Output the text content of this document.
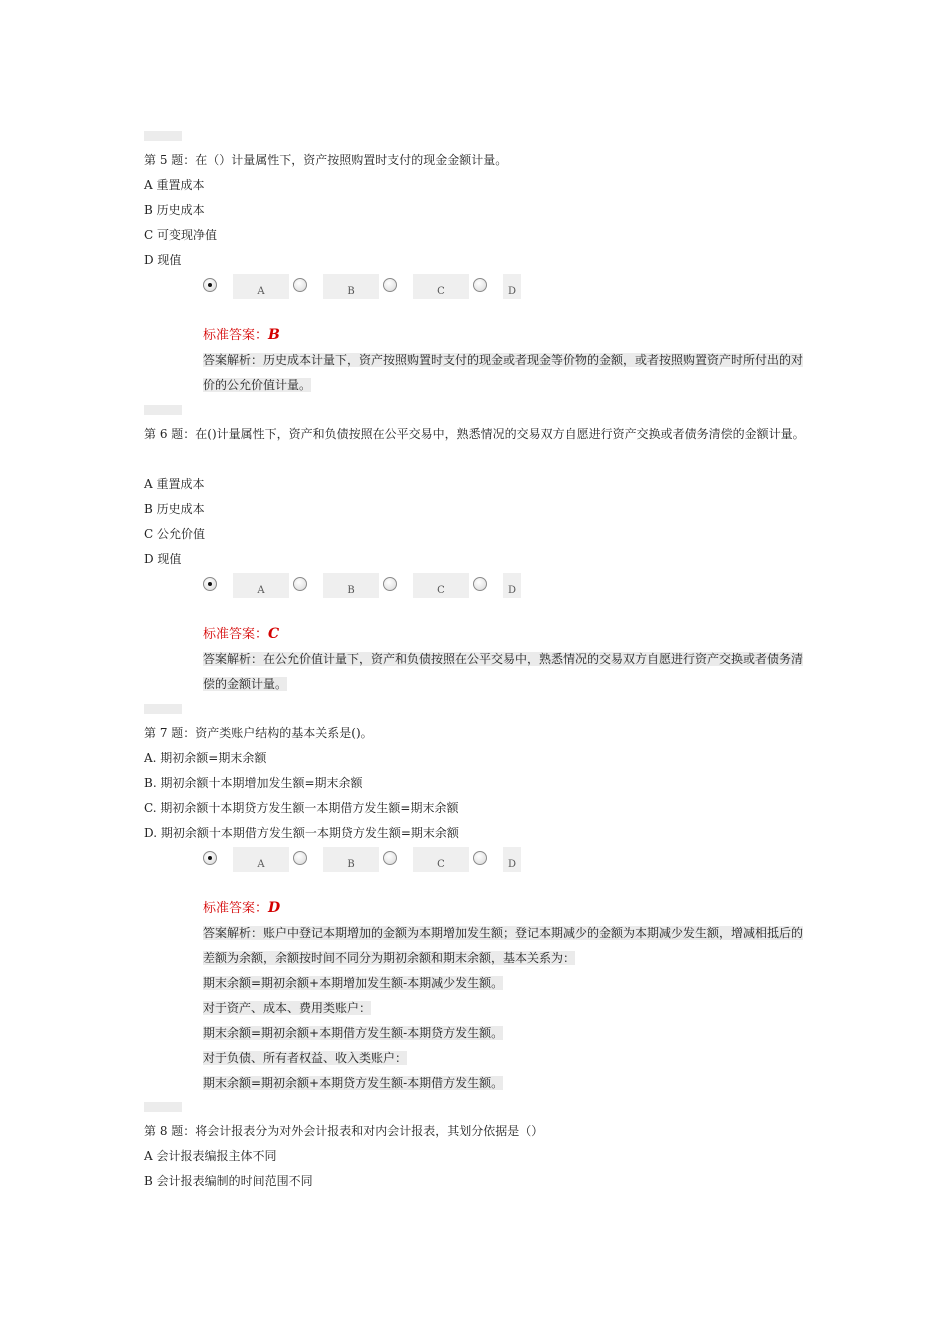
第 5 题：在（）计量属性下，资产按照购置时支付的现金金额计量。
A 重置成本
B 历史成本
C 可变现净值
D 现值
A	B	C	D
标准答案：B

答案解析：历史成本计量下，资产按照购置时支付的现金或者现金等价物的金额，或者按照购置资产时所付出的对价的公允价值计量。

第 6 题：在()计量属性下，资产和负债按照在公平交易中，熟悉情况的交易双方自愿进行资产交换或者债务清偿的金额计量。
A 重置成本
B 历史成本
C 公允价值
D 现值
A	B	C	D
标准答案：C

答案解析：在公允价值计量下，资产和负债按照在公平交易中，熟悉情况的交易双方自愿进行资产交换或者债务清偿的金额计量。

第 7 题：资产类账户结构的基本关系是()。
A. 期初余额=期末余额
B. 期初余额十本期增加发生额=期末余额
C. 期初余额十本期贷方发生额一本期借方发生额=期末余额
D. 期初余额十本期借方发生额一本期贷方发生额=期末余额
A	B	C	D
标准答案：D

答案解析：账户中登记本期增加的金额为本期增加发生额；登记本期减少的金额为本期减少发生额，增减相抵后的差额为余额，余额按时间不同分为期初余额和期末余额，基本关系为：

期末余额=期初余额+本期增加发生额-本期减少发生额。

对于资产、成本、费用类账户：

期末余额=期初余额+本期借方发生额-本期贷方发生额。

对于负债、所有者权益、收入类账户：

期末余额=期初余额+本期贷方发生额-本期借方发生额。

第 8 题：将会计报表分为对外会计报表和对内会计报表，其划分依据是（）
A 会计报表编报主体不同
B 会计报表编制的时间范围不同
